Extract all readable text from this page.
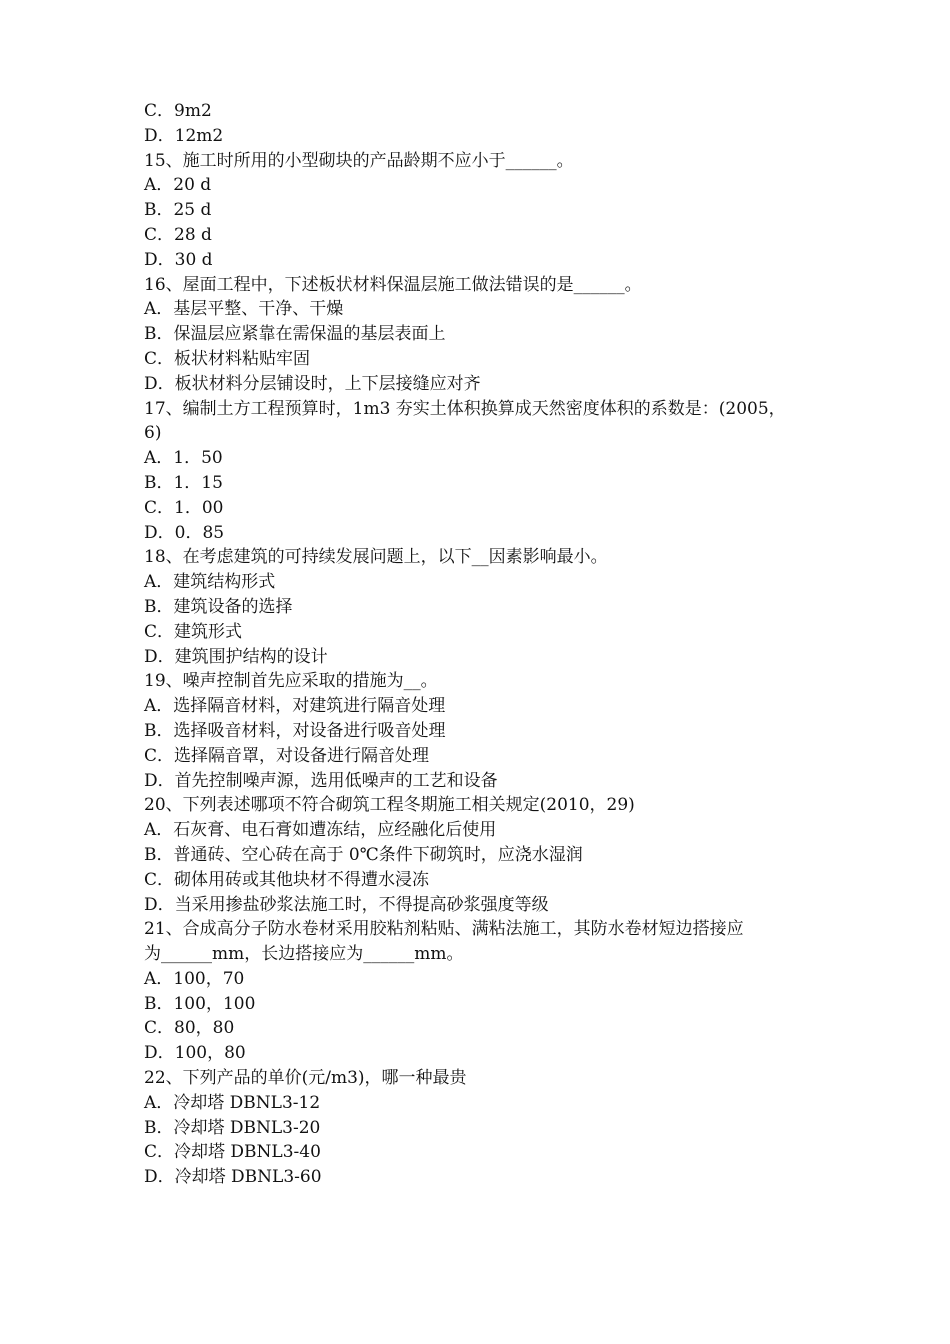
C．9m2

D．12m2

15、施工时所用的小型砌块的产品龄期不应小于______。

A．20 d

B．25 d

C．28 d

D．30 d

16、屋面工程中，下述板状材料保温层施工做法错误的是______。

A．基层平整、干净、干燥

B．保温层应紧靠在需保温的基层表面上

C．板状材料粘贴牢固

D．板状材料分层铺设时，上下层接缝应对齐

17、编制土方工程预算时，1m3 夯实土体积换算成天然密度体积的系数是：(2005，

6)

A．1．50

B．1．15

C．1．00

D．0．85

18、在考虑建筑的可持续发展问题上，以下__因素影响最小。

A．建筑结构形式

B．建筑设备的选择

C．建筑形式

D．建筑围护结构的设计

19、噪声控制首先应采取的措施为__。

A．选择隔音材料，对建筑进行隔音处理

B．选择吸音材料，对设备进行吸音处理

C．选择隔音罩，对设备进行隔音处理

D．首先控制噪声源，选用低噪声的工艺和设备

20、下列表述哪项不符合砌筑工程冬期施工相关规定(2010，29)

A．石灰膏、电石膏如遭冻结，应经融化后使用

B．普通砖、空心砖在高于 0℃条件下砌筑时，应浇水湿润

C．砌体用砖或其他块材不得遭水浸冻

D．当采用掺盐砂浆法施工时，不得提高砂浆强度等级

21、合成高分子防水卷材采用胶粘剂粘贴、满粘法施工，其防水卷材短边搭接应

为______mm，长边搭接应为______mm。

A．100，70

B．100，100

C．80，80

D．100，80

22、下列产品的单价(元/m3)，哪一种最贵

A．冷却塔 DBNL3-12

B．冷却塔 DBNL3-20

C．冷却塔 DBNL3-40

D．冷却塔 DBNL3-60
